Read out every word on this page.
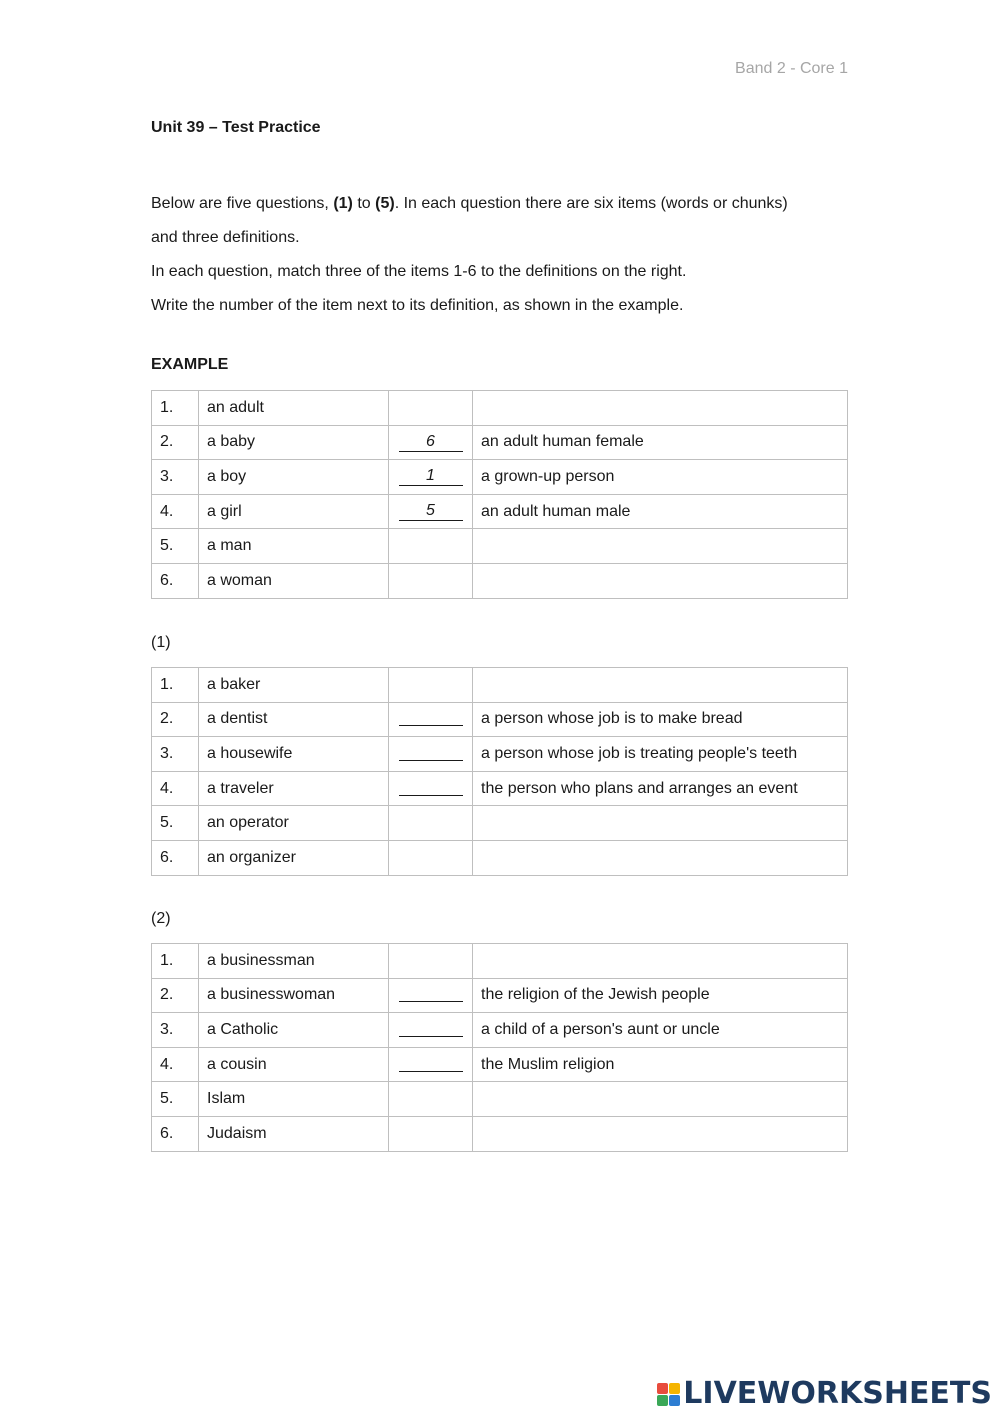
Band 2 - Core 1
Unit 39 – Test Practice

Below are five questions, (1) to (5). In each question there are six items (words or chunks)

and three definitions.

In each question, match three of the items 1-6 to the definitions on the right.

Write the number of the item next to its definition, as shown in the example.

EXAMPLE
1.	an adult		
2.	a baby	6	an adult human female
3.	a boy	1	a grown-up person
4.	a girl	5	an adult human male
5.	a man		
6.	a woman		
(1)
1.	a baker		
2.	a dentist		a person whose job is to make bread
3.	a housewife		a person whose job is treating people's teeth
4.	a traveler		the person who plans and arranges an event
5.	an operator		
6.	an organizer		
(2)
1.	a businessman		
2.	a businesswoman		the religion of the Jewish people
3.	a Catholic		a child of a person's aunt or uncle
4.	a cousin		the Muslim religion
5.	Islam		
6.	Judaism		
LIVEWORKSHEETS
